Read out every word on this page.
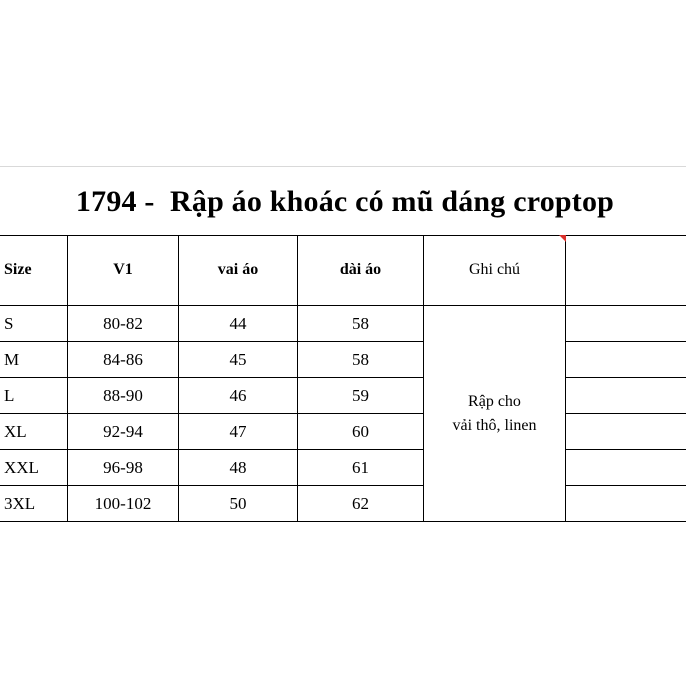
1794 -  Rập áo khoác có mũ dáng croptop
Size	V1	vai áo	dài áo	Ghi chú
S	80-82	44	58
M	84-86	45	58
L	88-90	46	59
XL	92-94	47	60
XXL	96-98	48	61
3XL	100-102	50	62
Rập cho
vải thô, linen
